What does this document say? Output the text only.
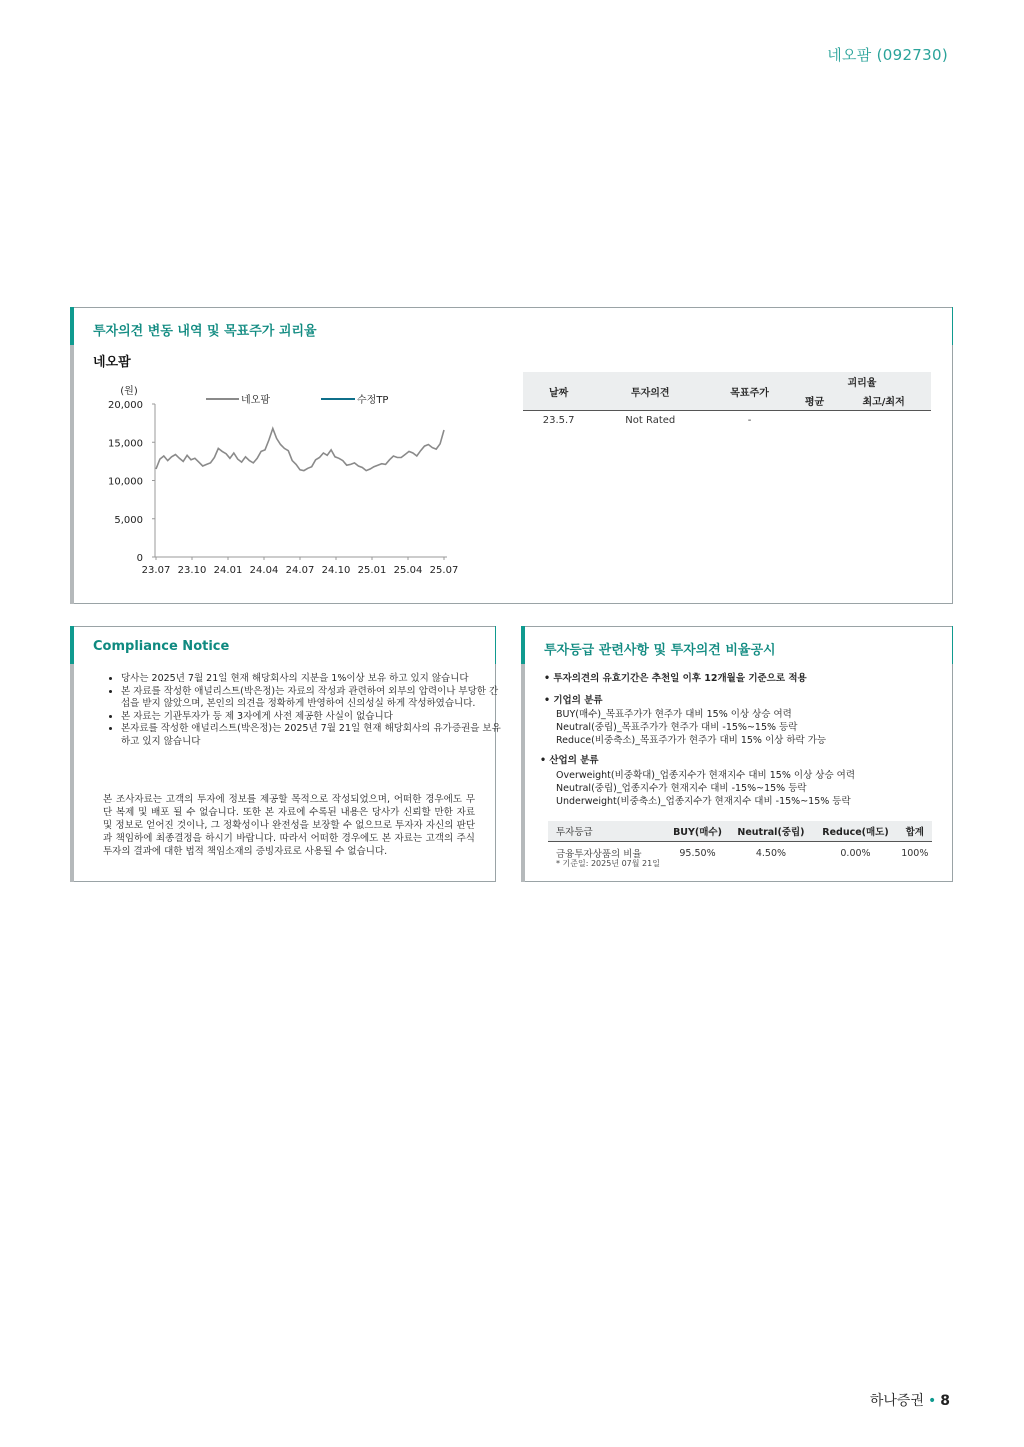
네오팜 (092730)
투자의견 변동 내역 및 목표주가 괴리율
네오팜
(원)
20,000
15,000
10,000
5,000
0
23.07 23.10 24.01 24.04 24.07 24.10 25.01 25.04 25.07
네오팜	수정TP
날짜	투자의견	목표주가	괴리율	
			평균	최고/최저
23.5.7	Not Rated	-		
Compliance Notice
• 당사는 2025년 7월 21일 현재 해당회사의 지분을 1%이상 보유 하고 있지 않습니다
• 본 자료를 작성한 애널리스트(박은정)는 자료의 작성과 관련하여 외부의 압력이나 부당한 간섭을 받지 않았으며, 본인의 의견을 정확하게 반영하여 신의성실 하게 작성하였습니다.
• 본 자료는 기관투자가 등 제 3자에게 사전 제공한 사실이 없습니다
• 본자료를 작성한 애널리스트(박은정)는 2025년 7월 21일 현재 해당회사의 유가증권을 보유하고 있지 않습니다

본 조사자료는 고객의 투자에 정보를 제공할 목적으로 작성되었으며, 어떠한 경우에도 무단 복제 및 배포 될 수 없습니다. 또한 본 자료에 수록된 내용은 당사가 신뢰할 만한 자료 및 정보로 얻어진 것이나, 그 정확성이나 완전성을 보장할 수 없으므로 투자자 자신의 판단과 책임하에 최종결정을 하시기 바랍니다. 따라서 어떠한 경우에도 본 자료는 고객의 주식투자의 결과에 대한 법적 책임소재의 증빙자료로 사용될 수 없습니다.

투자등급 관련사항 및 투자의견 비율공시
• 투자의견의 유효기간은 추천일 이후 12개월을 기준으로 적용
• 기업의 분류
BUY(매수)_목표주가가 현주가 대비 15% 이상 상승 여력
Neutral(중립)_목표주가가 현주가 대비 -15%~15% 등락
Reduce(비중축소)_목표주가가 현주가 대비 15% 이상 하락 가능
• 산업의 분류
Overweight(비중확대)_업종지수가 현재지수 대비 15% 이상 상승 여력
Neutral(중립)_업종지수가 현재지수 대비 -15%~15% 등락
Underweight(비중축소)_업종지수가 현재지수 대비 -15%~15% 등락
투자등급	BUY(매수)	Neutral(중립)	Reduce(매도)	합계
금융투자상품의 비율	95.50%	4.50%	0.00%	100%
* 기준일: 2025년 07월 21일
하나증권 • 8
